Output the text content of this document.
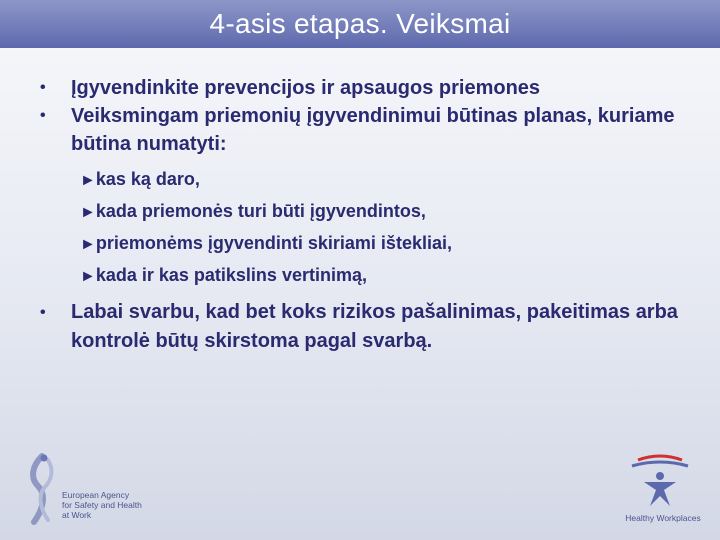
4-asis etapas. Veiksmai
• Įgyvendinkite prevencijos ir apsaugos priemones
• Veiksmingam priemonių įgyvendinimui būtinas planas, kuriame būtina numatyti:
►kas ką daro,
►kada priemonės turi būti įgyvendintos,
►priemonėms įgyvendinti skiriami ištekliai,
►kada ir kas patikslins vertinimą,
• Labai svarbu, kad bet koks rizikos pašalinimas, pakeitimas arba kontrolė būtų skirstoma pagal svarbą.
European Agency
for Safety and Health
at Work	Healthy Workplaces
